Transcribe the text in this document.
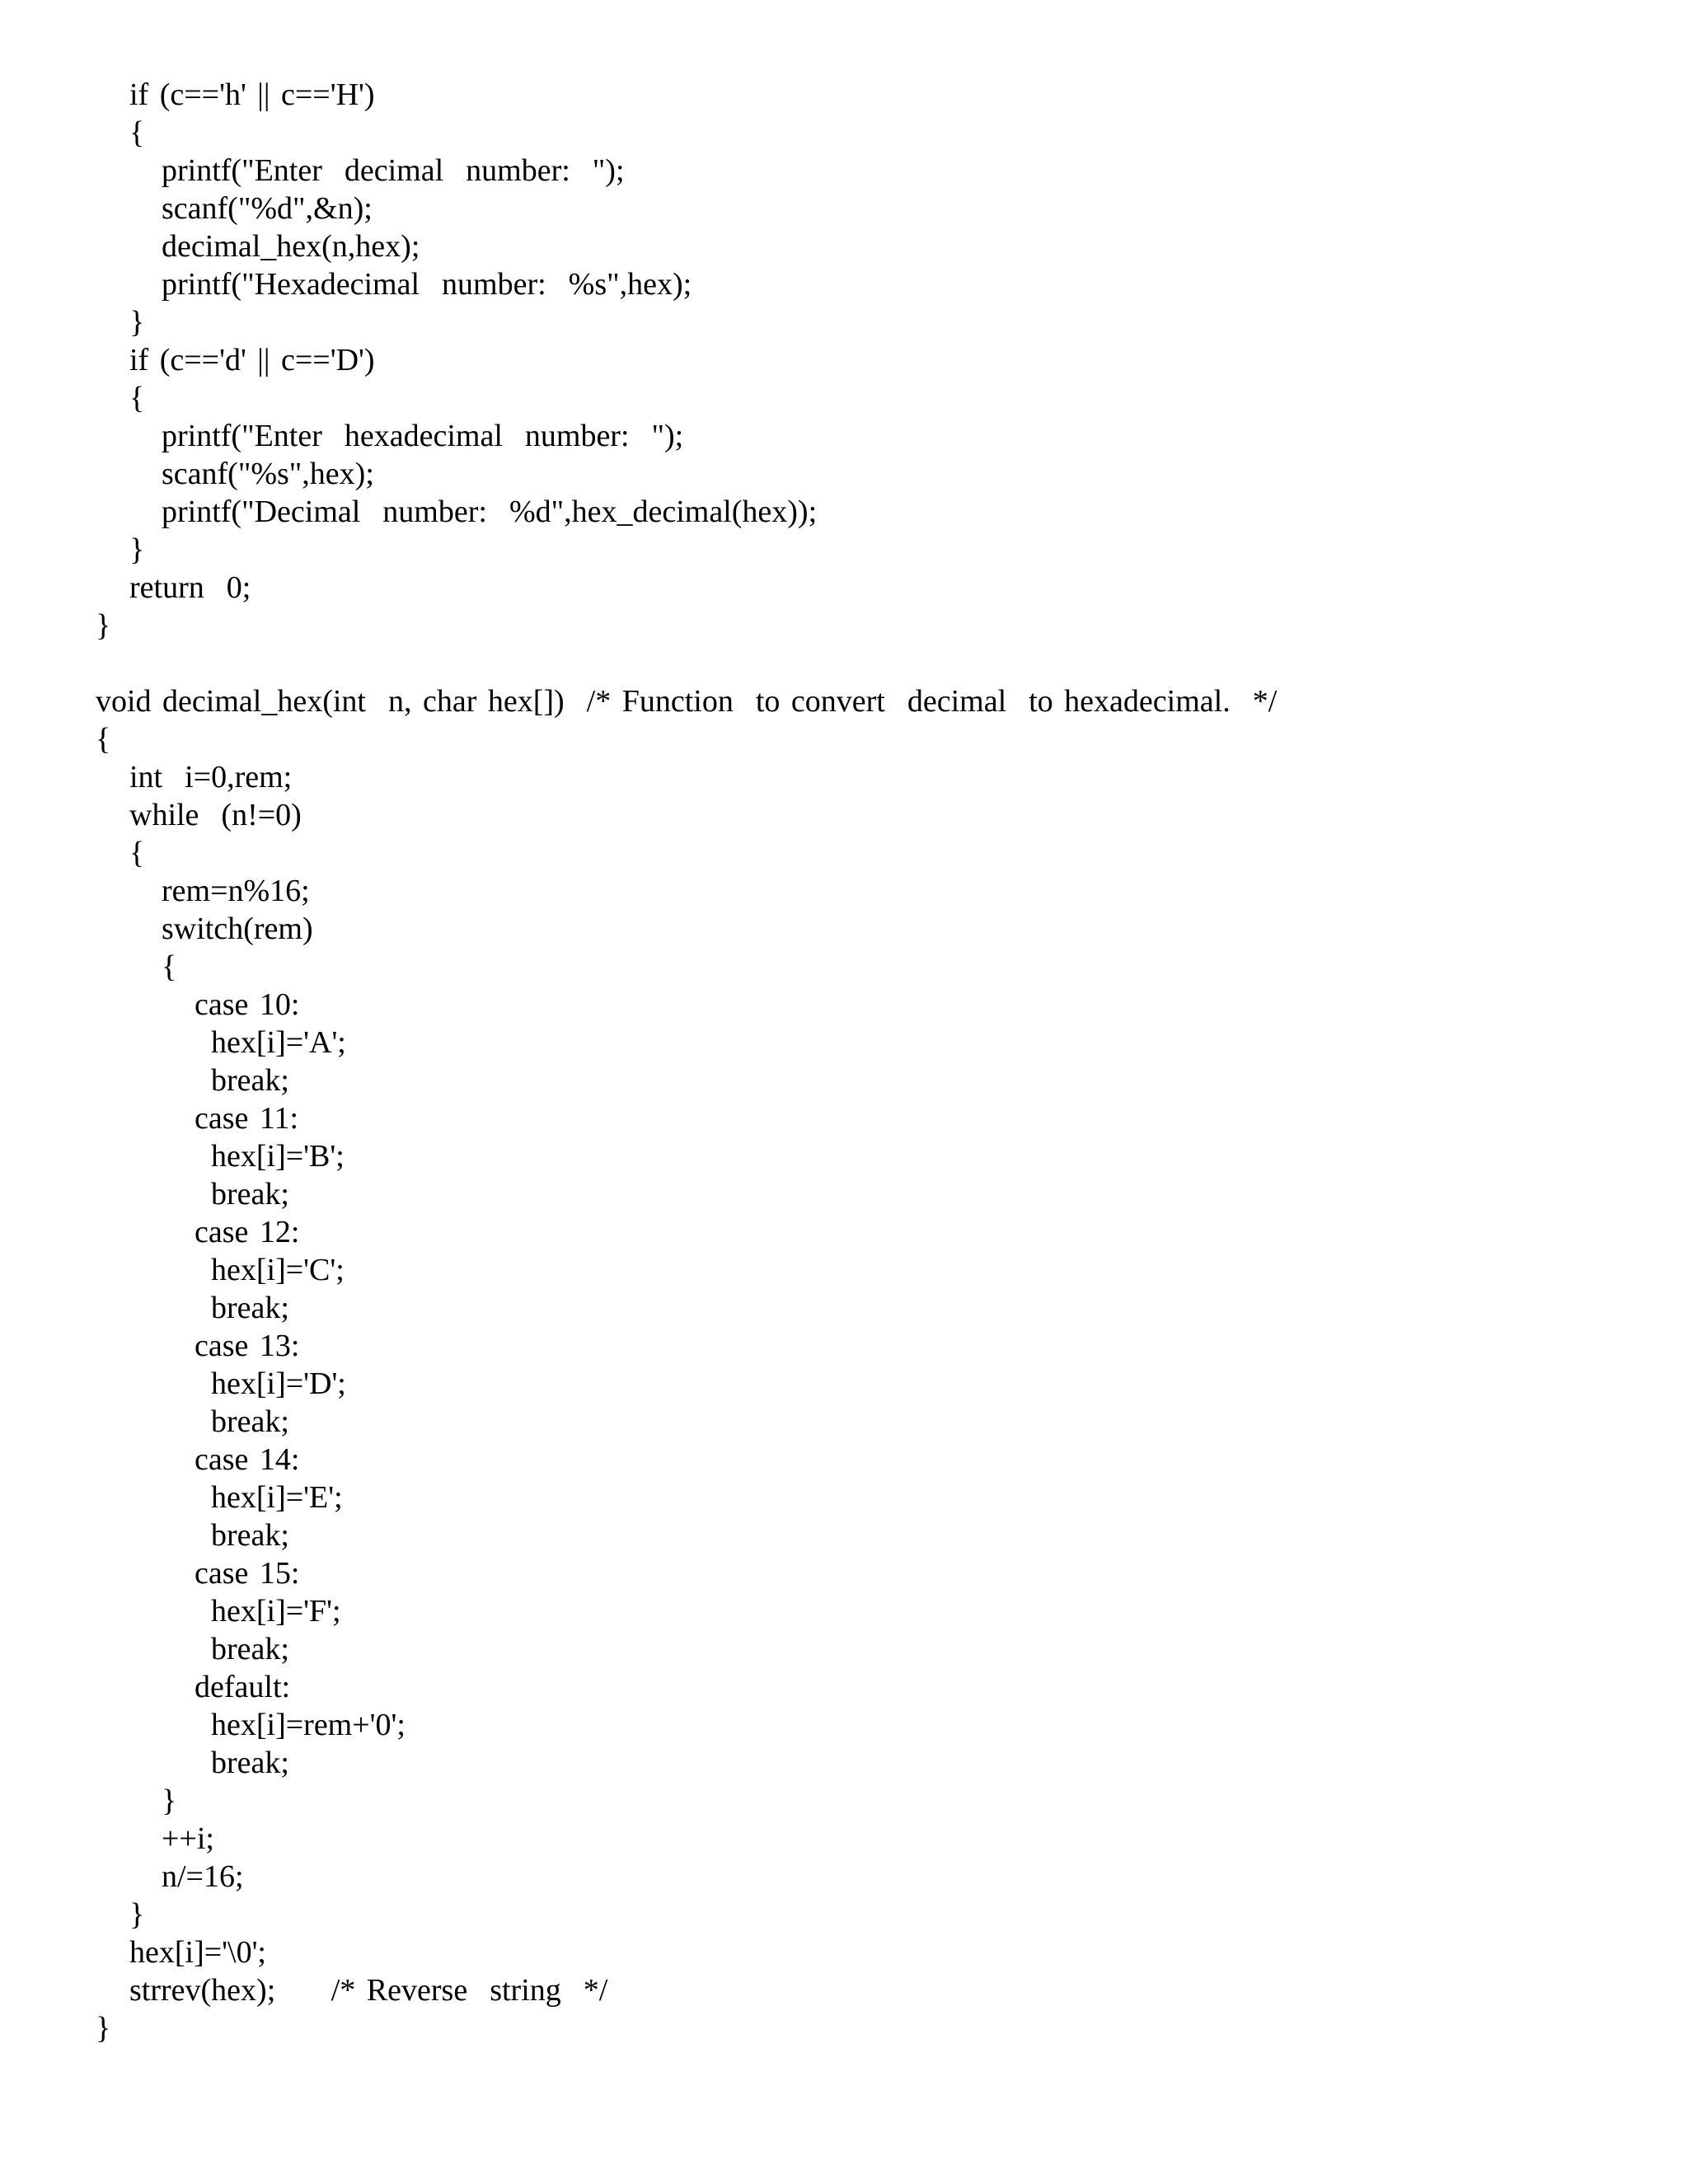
if (c=='h' || c=='H')
{
printf("Enter  decimal  number:  ");
scanf("%d",&n);
decimal_hex(n,hex);
printf("Hexadecimal  number:  %s",hex);
}
if (c=='d' || c=='D')
{
printf("Enter  hexadecimal  number:  ");
scanf("%s",hex);
printf("Decimal  number:  %d",hex_decimal(hex));
}
return  0;
}
void decimal_hex(int  n, char hex[])  /* Function  to convert  decimal  to hexadecimal.  */
{
int  i=0,rem;
while  (n!=0)
{
rem=n%16;
switch(rem)
{
case 10:
hex[i]='A';
break;
case 11:
hex[i]='B';
break;
case 12:
hex[i]='C';
break;
case 13:
hex[i]='D';
break;
case 14:
hex[i]='E';
break;
case 15:
hex[i]='F';
break;
default:
hex[i]=rem+'0';
break;
}
++i;
n/=16;
}
hex[i]='\0';
strrev(hex);     /* Reverse  string  */
}
